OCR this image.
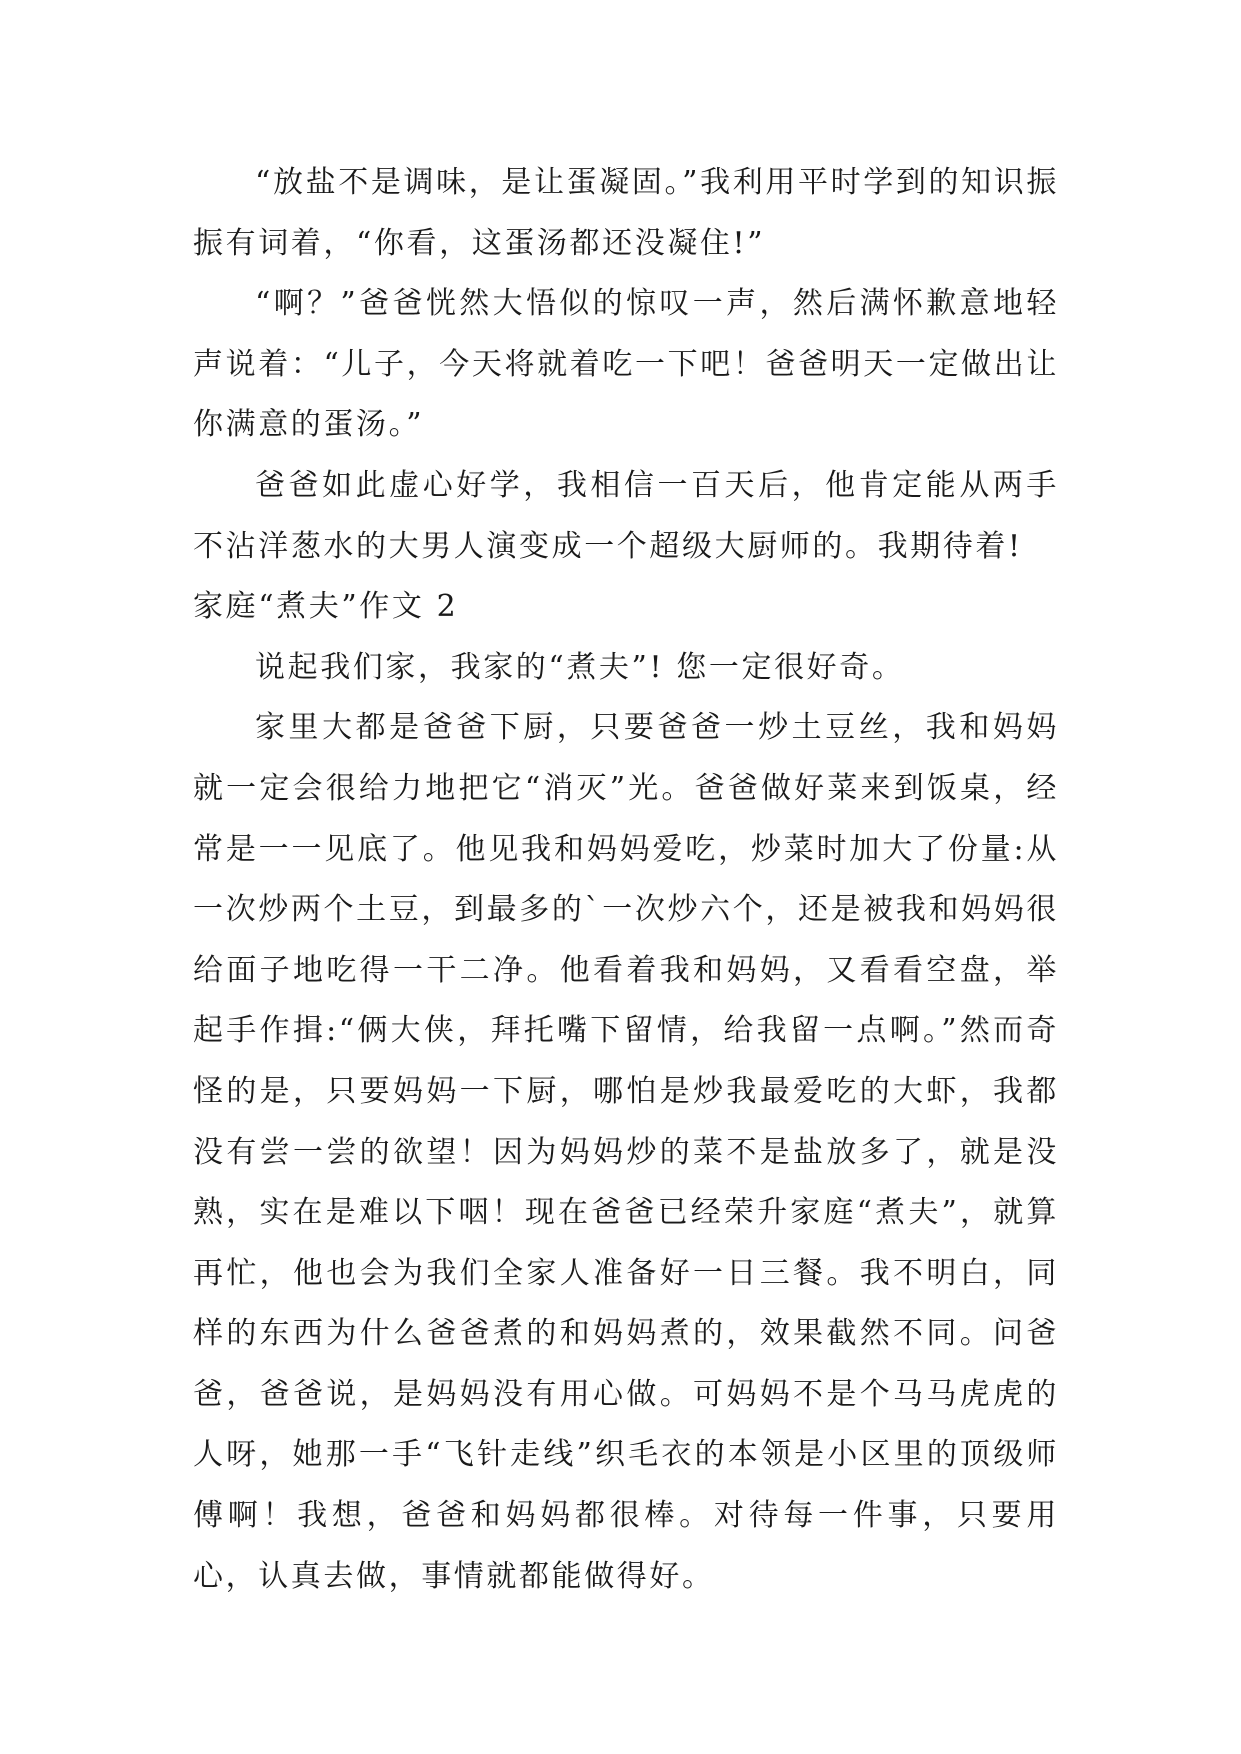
“放盐不是调味，是让蛋凝固。”我利用平时学到的知识振振有词着，“你看，这蛋汤都还没凝住!”

“啊？”爸爸恍然大悟似的惊叹一声，然后满怀歉意地轻声说着：“儿子，今天将就着吃一下吧！爸爸明天一定做出让你满意的蛋汤。”

爸爸如此虚心好学，我相信一百天后，他肯定能从两手不沾洋葱水的大男人演变成一个超级大厨师的。我期待着!

家庭“煮夫”作文 2

说起我们家，我家的“煮夫”! 您一定很好奇。

家里大都是爸爸下厨，只要爸爸一炒土豆丝，我和妈妈就一定会很给力地把它“消灭”光。爸爸做好菜来到饭桌，经常是一一见底了。他见我和妈妈爱吃，炒菜时加大了份量:从一次炒两个土豆，到最多的`一次炒六个，还是被我和妈妈很给面子地吃得一干二净。他看着我和妈妈，又看看空盘，举起手作揖:“俩大侠，拜托嘴下留情，给我留一点啊。”然而奇怪的是，只要妈妈一下厨，哪怕是炒我最爱吃的大虾，我都没有尝一尝的欲望！因为妈妈炒的菜不是盐放多了，就是没熟，实在是难以下咽！现在爸爸已经荣升家庭“煮夫”，就算再忙，他也会为我们全家人准备好一日三餐。我不明白，同样的东西为什么爸爸煮的和妈妈煮的，效果截然不同。问爸爸，爸爸说，是妈妈没有用心做。可妈妈不是个马马虎虎的人呀，她那一手“飞针走线”织毛衣的本领是小区里的顶级师傅啊！我想，爸爸和妈妈都很棒。对待每一件事，只要用心，认真去做，事情就都能做得好。
